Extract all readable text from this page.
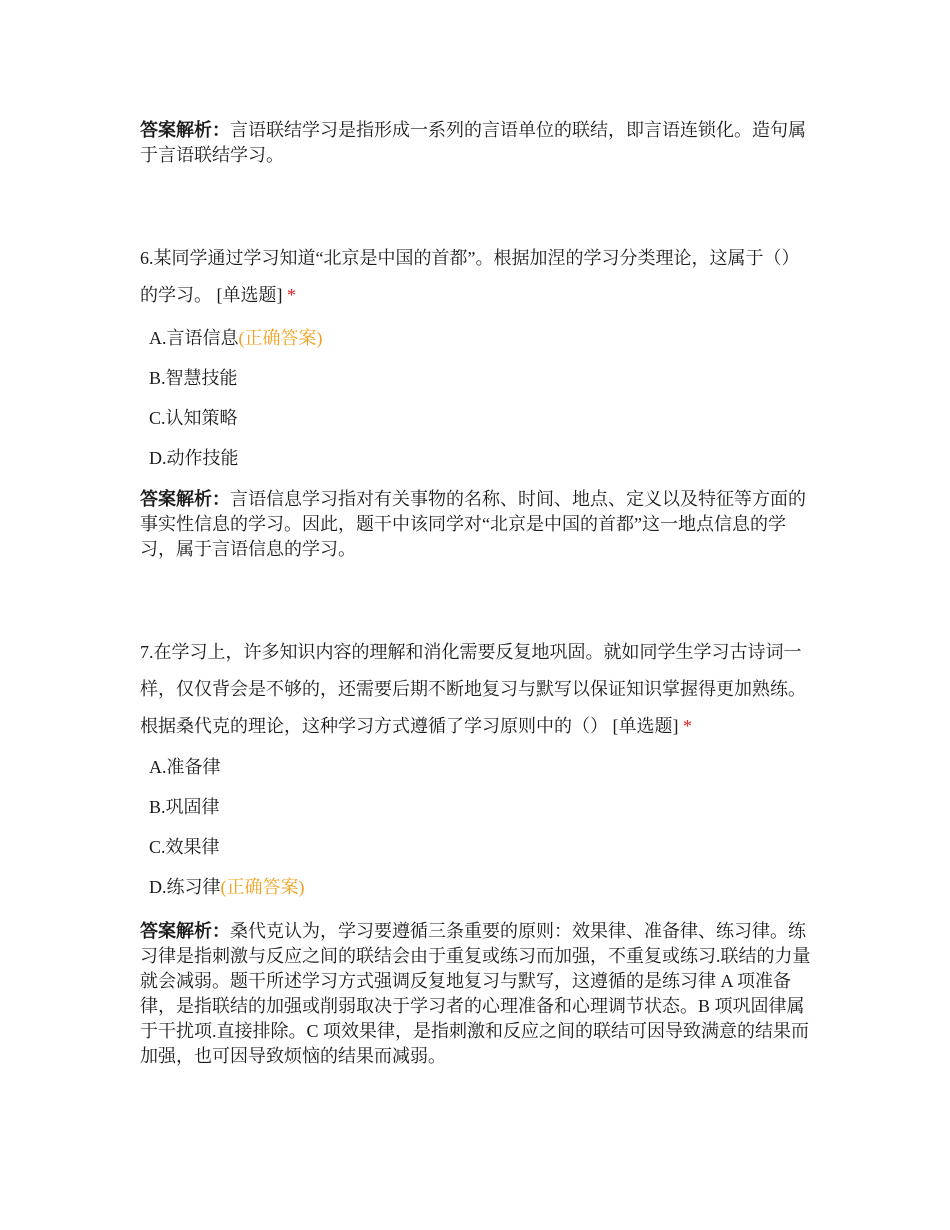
答案解析：言语联结学习是指形成一系列的言语单位的联结，即言语连锁化。造句属于言语联结学习。

6.某同学通过学习知道“北京是中国的首都”。根据加涅的学习分类理论，这属于（）的学习。 [单选题] *

A.言语信息(正确答案)
B.智慧技能
C.认知策略
D.动作技能
答案解析：言语信息学习指对有关事物的名称、时间、地点、定义以及特征等方面的事实性信息的学习。因此，题干中该同学对“北京是中国的首都”这一地点信息的学习，属于言语信息的学习。

7.在学习上，许多知识内容的理解和消化需要反复地巩固。就如同学生学习古诗词一样，仅仅背会是不够的，还需要后期不断地复习与默写以保证知识掌握得更加熟练。根据桑代克的理论，这种学习方式遵循了学习原则中的（） [单选题] *

A.准备律
B.巩固律
C.效果律
D.练习律(正确答案)
答案解析：桑代克认为，学习要遵循三条重要的原则：效果律、准备律、练习律。练习律是指刺激与反应之间的联结会由于重复或练习而加强，不重复或练习.联结的力量就会减弱。题干所述学习方式强调反复地复习与默写，这遵循的是练习律 A 项准备律，是指联结的加强或削弱取决于学习者的心理准备和心理调节状态。B 项巩固律属于干扰项.直接排除。C 项效果律，是指刺激和反应之间的联结可因导致满意的结果而加强，也可因导致烦恼的结果而减弱。
